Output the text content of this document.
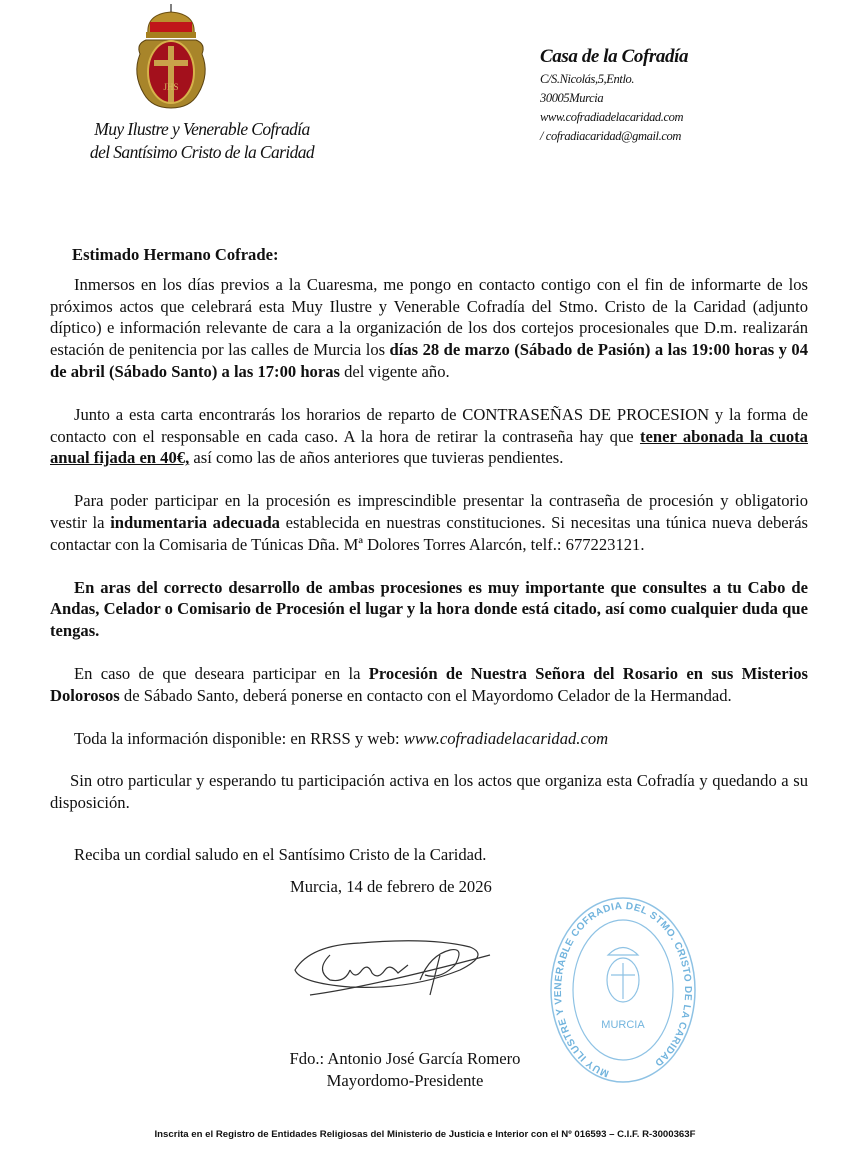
JHS
Muy Ilustre y Venerable Cofradía
del Santísimo Cristo de la Caridad
Casa de la Cofradía
C/S.Nicolás,5,Entlo.
30005Murcia
www.cofradiadelacaridad.com
/ cofradiacaridad@gmail.com

Estimado Hermano Cofrade:

Inmersos en los días previos a la Cuaresma, me pongo en contacto contigo con el fin de informarte de los próximos actos que celebrará esta Muy Ilustre y Venerable Cofradía del Stmo. Cristo de la Caridad (adjunto díptico) e información relevante de cara a la organización de los dos cortejos procesionales que D.m. realizarán estación de penitencia por las calles de Murcia los días 28 de marzo (Sábado de Pasión) a las 19:00 horas y 04 de abril (Sábado Santo) a las 17:00 horas del vigente año.

Junto a esta carta encontrarás los horarios de reparto de CONTRASEÑAS DE PROCESION y la forma de contacto con el responsable en cada caso. A la hora de retirar la contraseña hay que tener abonada la cuota anual fijada en 40€, así como las de años anteriores que tuvieras pendientes.

Para poder participar en la procesión es imprescindible presentar la contraseña de procesión y obligatorio vestir la indumentaria adecuada establecida en nuestras constituciones. Si necesitas una túnica nueva deberás contactar con la Comisaria de Túnicas Dña. Mª Dolores Torres Alarcón, telf.: 677223121.

En aras del correcto desarrollo de ambas procesiones es muy importante que consultes a tu Cabo de Andas, Celador o Comisario de Procesión el lugar y la hora donde está citado, así como cualquier duda que tengas.

En caso de que deseara participar en la Procesión de Nuestra Señora del Rosario en sus Misterios Dolorosos de Sábado Santo, deberá ponerse en contacto con el Mayordomo Celador de la Hermandad.

Toda la información disponible: en RRSS y web: www.cofradiadelacaridad.com

Sin otro particular y esperando tu participación activa en los actos que organiza esta Cofradía y quedando a su disposición.

Reciba un cordial saludo en el Santísimo Cristo de la Caridad.

Murcia, 14 de febrero de 2026
MUY ILUSTRE Y VENERABLE COFRADIA DEL STMO. CRISTO DE LA CARIDAD
MURCIA
Fdo.: Antonio José García Romero
Mayordomo-Presidente
Inscrita en el Registro de Entidades Religiosas del Ministerio de Justicia e Interior con el Nº 016593 – C.I.F. R-3000363F
